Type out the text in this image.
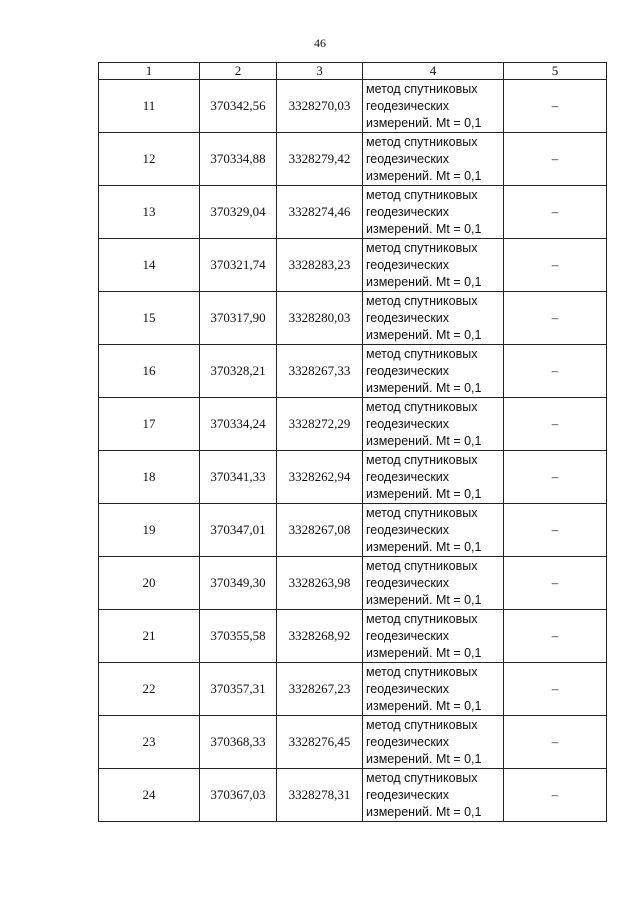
46
1	2	3	4	5
11	370342,56	3328270,03	метод спутниковых
геодезических
измерений. Mt = 0,1	–
12	370334,88	3328279,42	метод спутниковых
геодезических
измерений. Mt = 0,1	–
13	370329,04	3328274,46	метод спутниковых
геодезических
измерений. Mt = 0,1	–
14	370321,74	3328283,23	метод спутниковых
геодезических
измерений. Mt = 0,1	–
15	370317,90	3328280,03	метод спутниковых
геодезических
измерений. Mt = 0,1	–
16	370328,21	3328267,33	метод спутниковых
геодезических
измерений. Mt = 0,1	–
17	370334,24	3328272,29	метод спутниковых
геодезических
измерений. Mt = 0,1	–
18	370341,33	3328262,94	метод спутниковых
геодезических
измерений. Mt = 0,1	–
19	370347,01	3328267,08	метод спутниковых
геодезических
измерений. Mt = 0,1	–
20	370349,30	3328263,98	метод спутниковых
геодезических
измерений. Mt = 0,1	–
21	370355,58	3328268,92	метод спутниковых
геодезических
измерений. Mt = 0,1	–
22	370357,31	3328267,23	метод спутниковых
геодезических
измерений. Mt = 0,1	–
23	370368,33	3328276,45	метод спутниковых
геодезических
измерений. Mt = 0,1	–
24	370367,03	3328278,31	метод спутниковых
геодезических
измерений. Mt = 0,1	–
